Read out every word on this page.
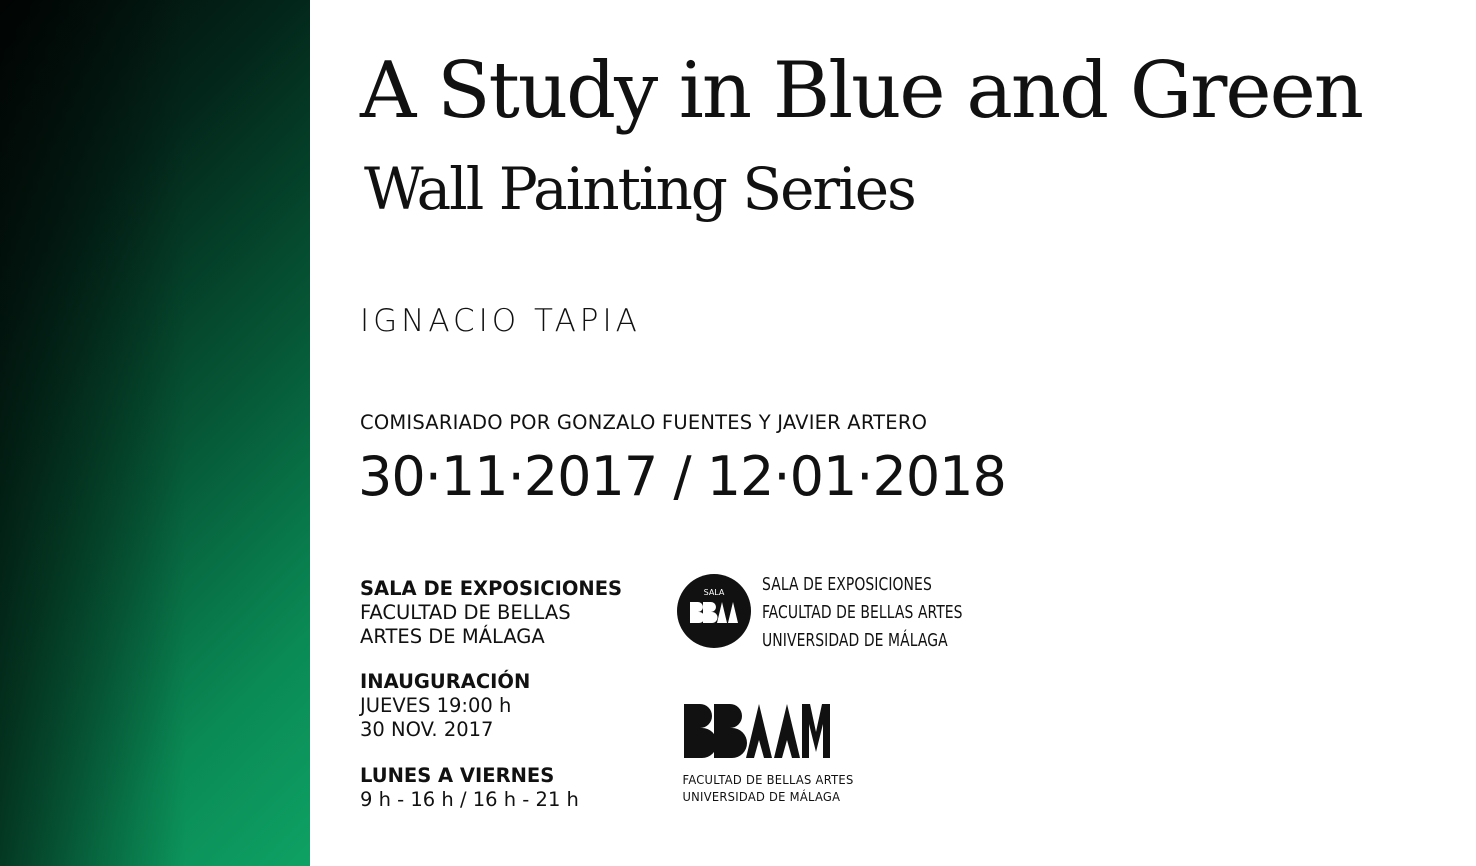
A Study in Blue and Green
Wall Painting Series
IGNACIO TAPIA
COMISARIADO POR GONZALO FUENTES Y JAVIER ARTERO
30·11·2017 / 12·01·2018
SALA DE EXPOSICIONES
FACULTAD DE BELLAS
ARTES DE MÁLAGA
INAUGURACIÓN
JUEVES 19:00 h
30 NOV. 2017
LUNES A VIERNES
9 h - 16 h / 16 h - 21 h
SALA SALA DE EXPOSICIONES
FACULTAD DE BELLAS ARTES
UNIVERSIDAD DE MÁLAGA
FACULTAD DE BELLAS ARTES
UNIVERSIDAD DE MÁLAGA
